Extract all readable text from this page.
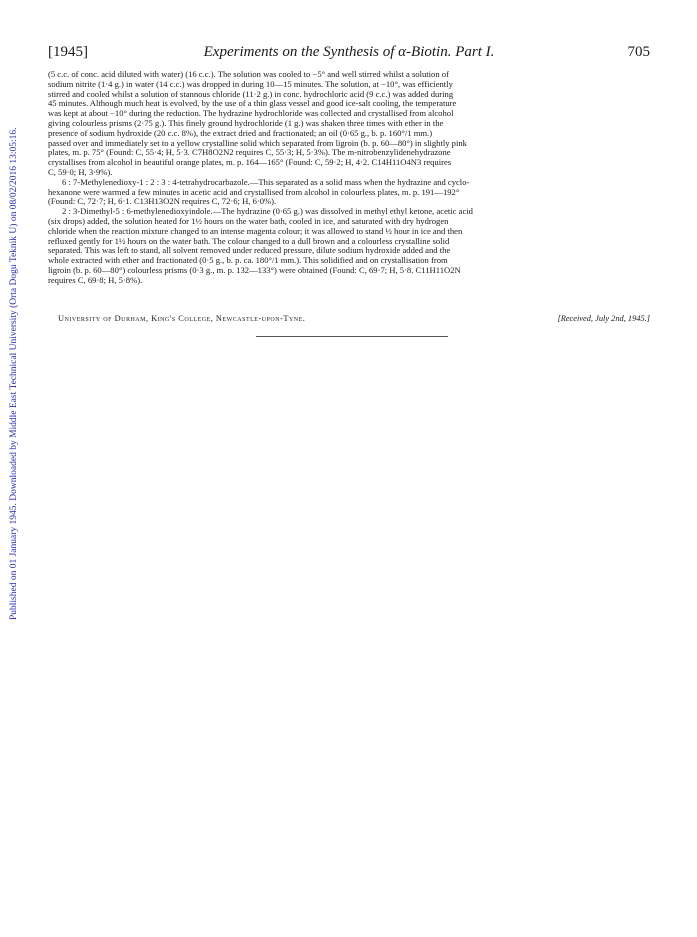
Published on 01 January 1945. Downloaded by Middle East Technical University (Orta Dogu Teknik U) on 08/02/2016 13:05:16.
[1945]	Experiments on the Synthesis of α-Biotin. Part I.	705
(5 c.c. of conc. acid diluted with water) (16 c.c.). The solution was cooled to −5° and well stirred whilst a solution of
sodium nitrite (1·4 g.) in water (14 c.c.) was dropped in during 10—15 minutes. The solution, at −10°, was efficiently
stirred and cooled whilst a solution of stannous chloride (11·2 g.) in conc. hydrochloric acid (9 c.c.) was added during
45 minutes. Although much heat is evolved, by the use of a thin glass vessel and good ice-salt cooling, the temperature
was kept at about −10° during the reduction. The hydrazine hydrochloride was collected and crystallised from alcohol
giving colourless prisms (2·75 g.). This finely ground hydrochloride (1 g.) was shaken three times with ether in the
presence of sodium hydroxide (20 c.c. 8%), the extract dried and fractionated; an oil (0·65 g., b. p. 160°/1 mm.)
passed over and immediately set to a yellow crystalline solid which separated from ligroin (b. p. 60—80°) in slightly pink
plates, m. p. 75° (Found: C, 55·4; H, 5·3. C7H8O2N2 requires C, 55·3; H, 5·3%). The m-nitrobenzylidenehydrazone
crystallises from alcohol in beautiful orange plates, m. p. 164—165° (Found: C, 59·2; H, 4·2. C14H11O4N3 requires
C, 59·0; H, 3·9%).

6 : 7-Methylenedioxy-1 : 2 : 3 : 4-tetrahydrocarbazole.—This separated as a solid mass when the hydrazine and cyclo-
hexanone were warmed a few minutes in acetic acid and crystallised from alcohol in colourless plates, m. p. 191—192°
(Found: C, 72·7; H, 6·1. C13H13O2N requires C, 72·6; H, 6·0%).
2 : 3-Dimethyl-5 : 6-methylenedioxyindole.—The hydrazine (0·65 g.) was dissolved in methyl ethyl ketone, acetic acid
(six drops) added, the solution heated for 1½ hours on the water bath, cooled in ice, and saturated with dry hydrogen
chloride when the reaction mixture changed to an intense magenta colour; it was allowed to stand ½ hour in ice and then
refluxed gently for 1½ hours on the water bath. The colour changed to a dull brown and a colourless crystalline solid
separated. This was left to stand, all solvent removed under reduced pressure, dilute sodium hydroxide added and the
whole extracted with ether and fractionated (0·5 g., b. p. ca. 180°/1 mm.). This solidified and on crystallisation from
ligroin (b. p. 60—80°) colourless prisms (0·3 g., m. p. 132—133°) were obtained (Found: C, 69·7; H, 5·8. C11H11O2N
requires C, 69·8; H, 5·8%).
University of Durham, King's College, Newcastle-upon-Tyne.	[Received, July 2nd, 1945.]
